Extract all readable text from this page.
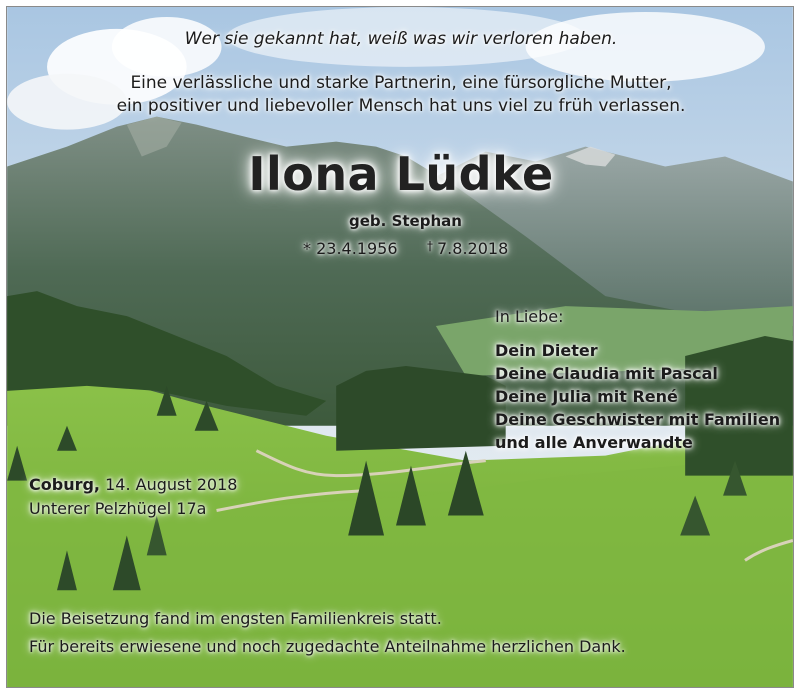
Wer sie gekannt hat, weiß was wir verloren haben.
Eine verlässliche und starke Partnerin, eine fürsorgliche Mutter,
ein positiver und liebevoller Mensch hat uns viel zu früh verlassen.
Ilona Lüdke
geb. Stephan
* 23.4.1956 † 7.8.2018
In Liebe:
Dein Dieter
Deine Claudia mit Pascal
Deine Julia mit René
Deine Geschwister mit Familien
und alle Anverwandte
Coburg, 14. August 2018
Unterer Pelzhügel 17a
Die Beisetzung fand im engsten Familienkreis statt.
Für bereits erwiesene und noch zugedachte Anteilnahme herzlichen Dank.
